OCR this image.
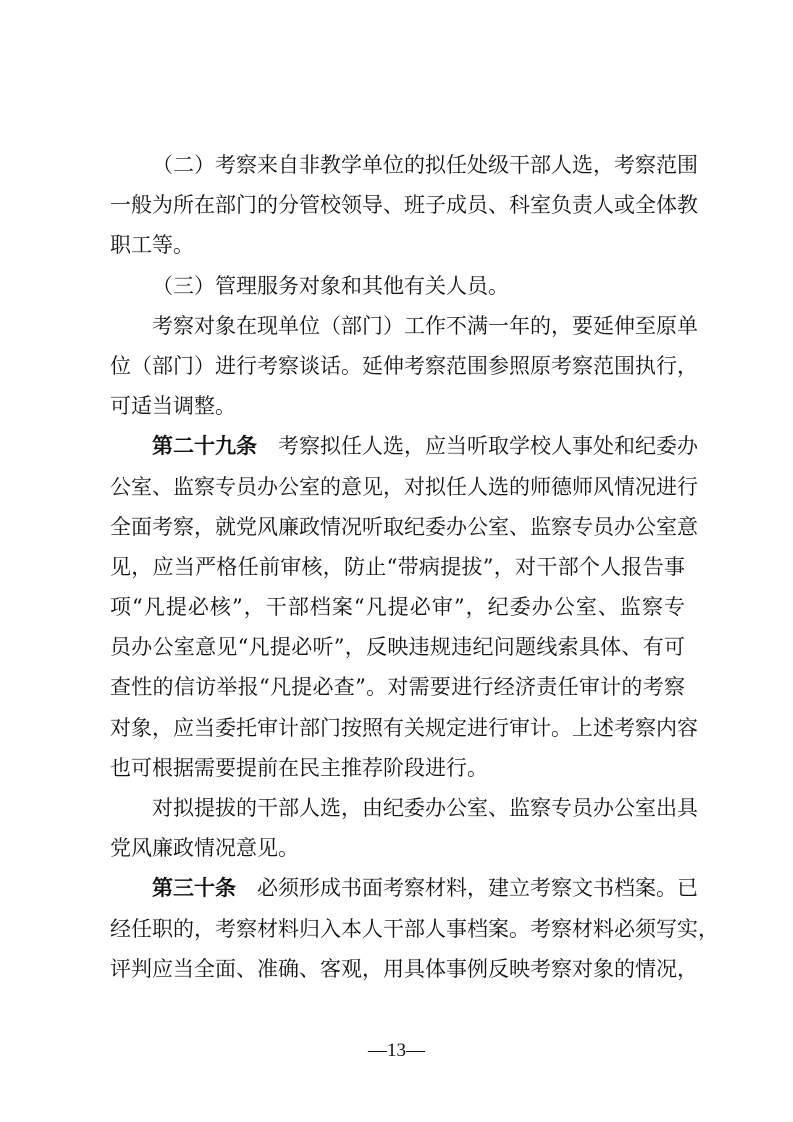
（二）考察来自非教学单位的拟任处级干部人选，考察范围
一般为所在部门的分管校领导、班子成员、科室负责人或全体教
职工等。
（三）管理服务对象和其他有关人员。
考察对象在现单位（部门）工作不满一年的，要延伸至原单
位（部门）进行考察谈话。延伸考察范围参照原考察范围执行，
可适当调整。
第二十九条　考察拟任人选，应当听取学校人事处和纪委办
公室、监察专员办公室的意见，对拟任人选的师德师风情况进行
全面考察，就党风廉政情况听取纪委办公室、监察专员办公室意
见，应当严格任前审核，防止“带病提拔”，对干部个人报告事
项“凡提必核”，干部档案“凡提必审”，纪委办公室、监察专
员办公室意见“凡提必听”，反映违规违纪问题线索具体、有可
查性的信访举报“凡提必查”。对需要进行经济责任审计的考察
对象，应当委托审计部门按照有关规定进行审计。上述考察内容
也可根据需要提前在民主推荐阶段进行。
对拟提拔的干部人选，由纪委办公室、监察专员办公室出具
党风廉政情况意见。
第三十条　必须形成书面考察材料，建立考察文书档案。已
经任职的，考察材料归入本人干部人事档案。考察材料必须写实，
评判应当全面、准确、客观，用具体事例反映考察对象的情况，
—13—
